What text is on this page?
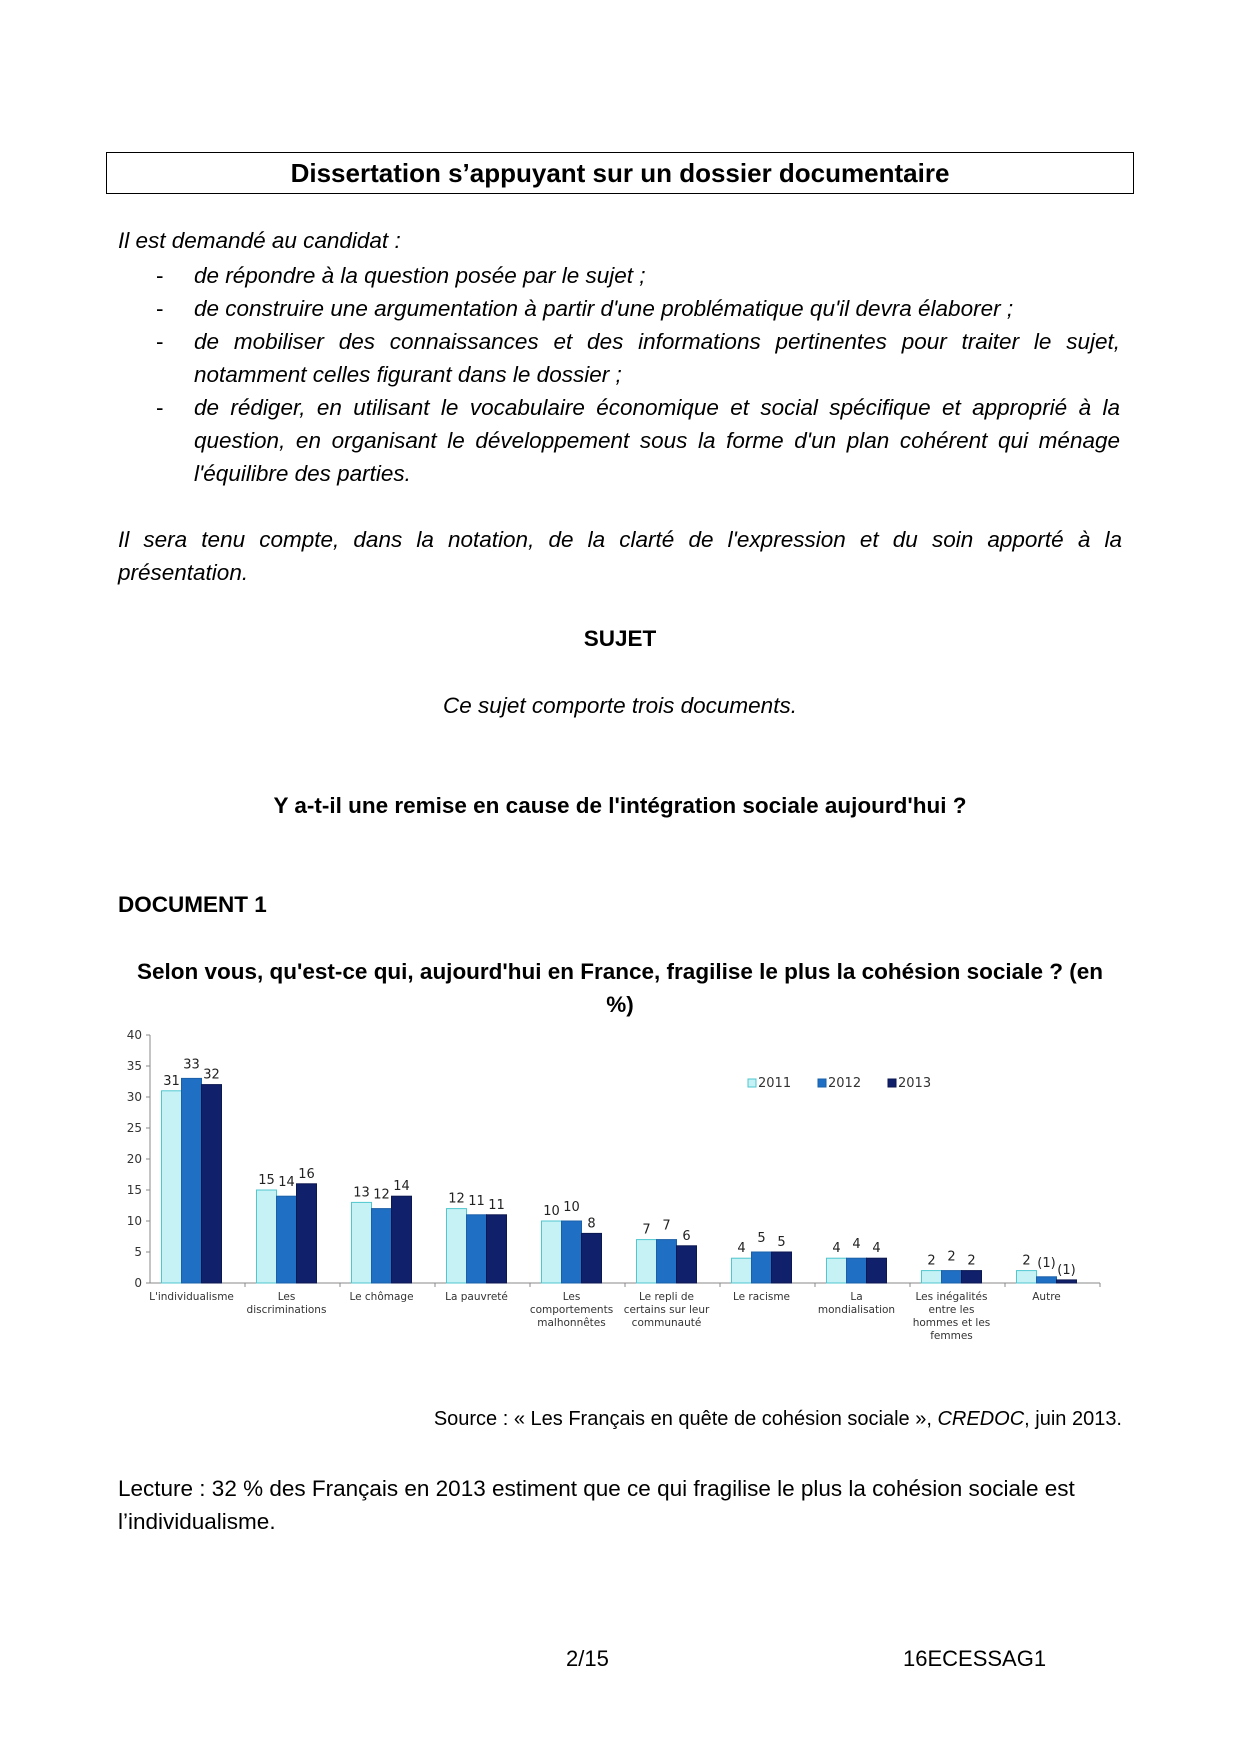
Dissertation s’appuyant sur un dossier documentaire
Il est demandé au candidat :
- de répondre à la question posée par le sujet ;
- de construire une argumentation à partir d'une problématique qu'il devra élaborer ;
- de mobiliser des connaissances et des informations pertinentes pour traiter le sujet, notamment celles figurant dans le dossier ;
- de rédiger, en utilisant le vocabulaire économique et social spécifique et approprié à la question, en organisant le développement sous la forme d'un plan cohérent qui ménage l'équilibre des parties.
Il sera tenu compte, dans la notation, de la clarté de l'expression et du soin apporté à la présentation.
SUJET
Ce sujet comporte trois documents.
Y a-t-il une remise en cause de l'intégration sociale aujourd'hui ?
DOCUMENT 1
Selon vous, qu'est-ce qui, aujourd'hui en France, fragilise le plus la cohésion sociale ? (en %)
0
5
10
15
20
25
30
35
40
31
33
32
L'individualisme
15 14
16
Les
discriminations
13 12
14
Le chômage
12 11 11
La pauvreté
10 10
8
Les
comportements
malhonnêtes
7 7
6
Le repli de
certains sur leur
communauté
4
5 5
Le racisme
4 4 4
La
mondialisation
2 2 2
Les inégalités
entre les
hommes et les
femmes
2 (1) (1)
Autre
2011	2012	2013
Source : « Les Français en quête de cohésion sociale », CREDOC, juin 2013.
Lecture : 32 % des Français en 2013 estiment que ce qui fragilise le plus la cohésion sociale est l’individualisme.
2/15	16ECESSAG1
